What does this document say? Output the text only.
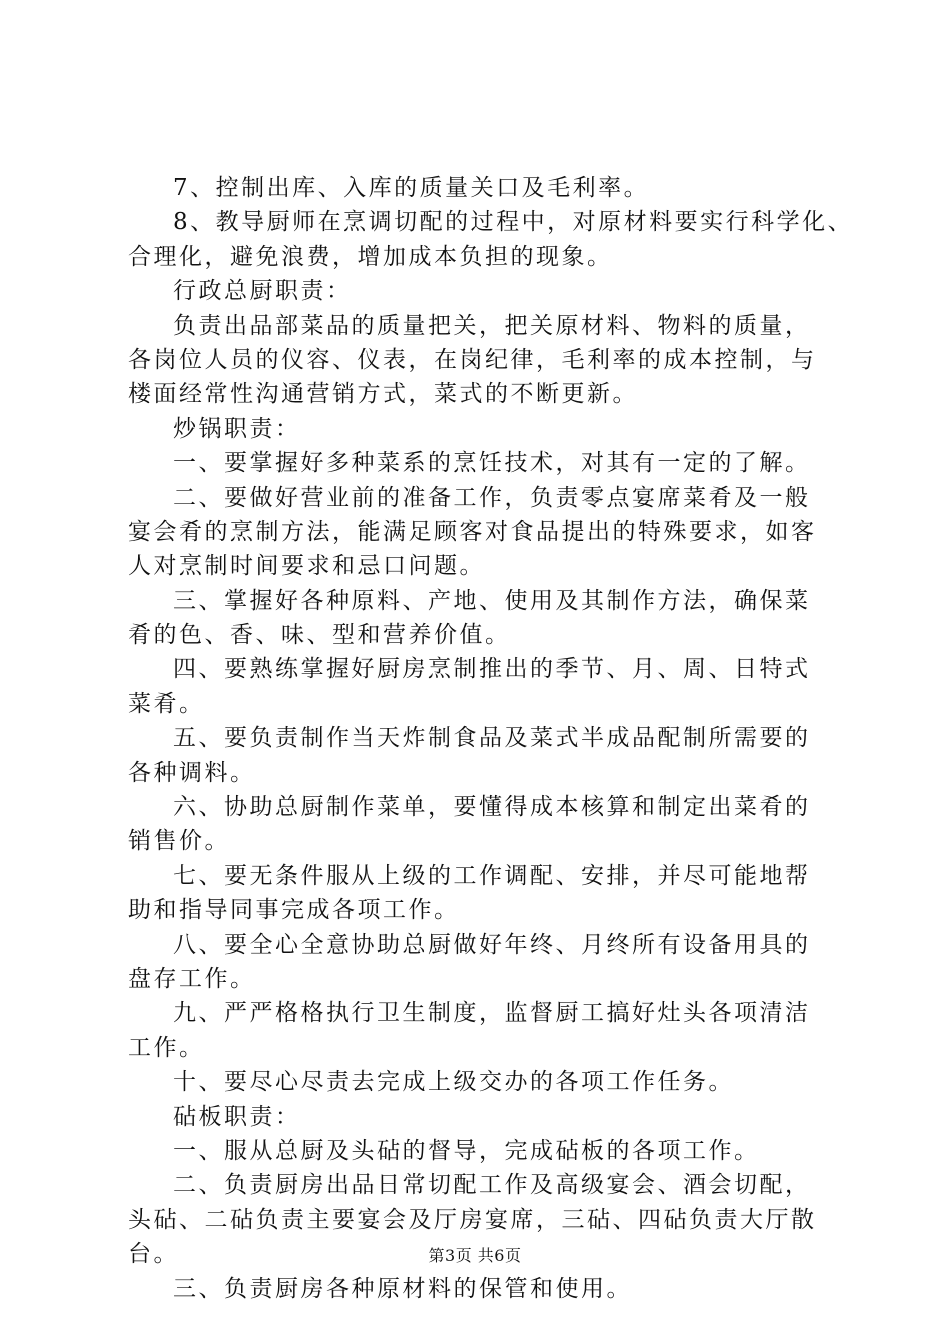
7、控制出库、入库的质量关口及毛利率。
8、教导厨师在烹调切配的过程中，对原材料要实行科学化、
合理化，避免浪费，增加成本负担的现象。
行政总厨职责：
负责出品部菜品的质量把关，把关原材料、物料的质量，
各岗位人员的仪容、仪表，在岗纪律，毛利率的成本控制，与
楼面经常性沟通营销方式，菜式的不断更新。
炒锅职责：
一、要掌握好多种菜系的烹饪技术，对其有一定的了解。
二、要做好营业前的准备工作，负责零点宴席菜肴及一般
宴会肴的烹制方法，能满足顾客对食品提出的特殊要求，如客
人对烹制时间要求和忌口问题。
三、掌握好各种原料、产地、使用及其制作方法，确保菜
肴的色、香、味、型和营养价值。
四、要熟练掌握好厨房烹制推出的季节、月、周、日特式
菜肴。
五、要负责制作当天炸制食品及菜式半成品配制所需要的
各种调料。
六、协助总厨制作菜单，要懂得成本核算和制定出菜肴的
销售价。
七、要无条件服从上级的工作调配、安排，并尽可能地帮
助和指导同事完成各项工作。
八、要全心全意协助总厨做好年终、月终所有设备用具的
盘存工作。
九、严严格格执行卫生制度，监督厨工搞好灶头各项清洁
工作。
十、要尽心尽责去完成上级交办的各项工作任务。
砧板职责：
一、服从总厨及头砧的督导，完成砧板的各项工作。
二、负责厨房出品日常切配工作及高级宴会、酒会切配，
头砧、二砧负责主要宴会及厅房宴席，三砧、四砧负责大厅散
台。
三、负责厨房各种原材料的保管和使用。
第3页 共6页
